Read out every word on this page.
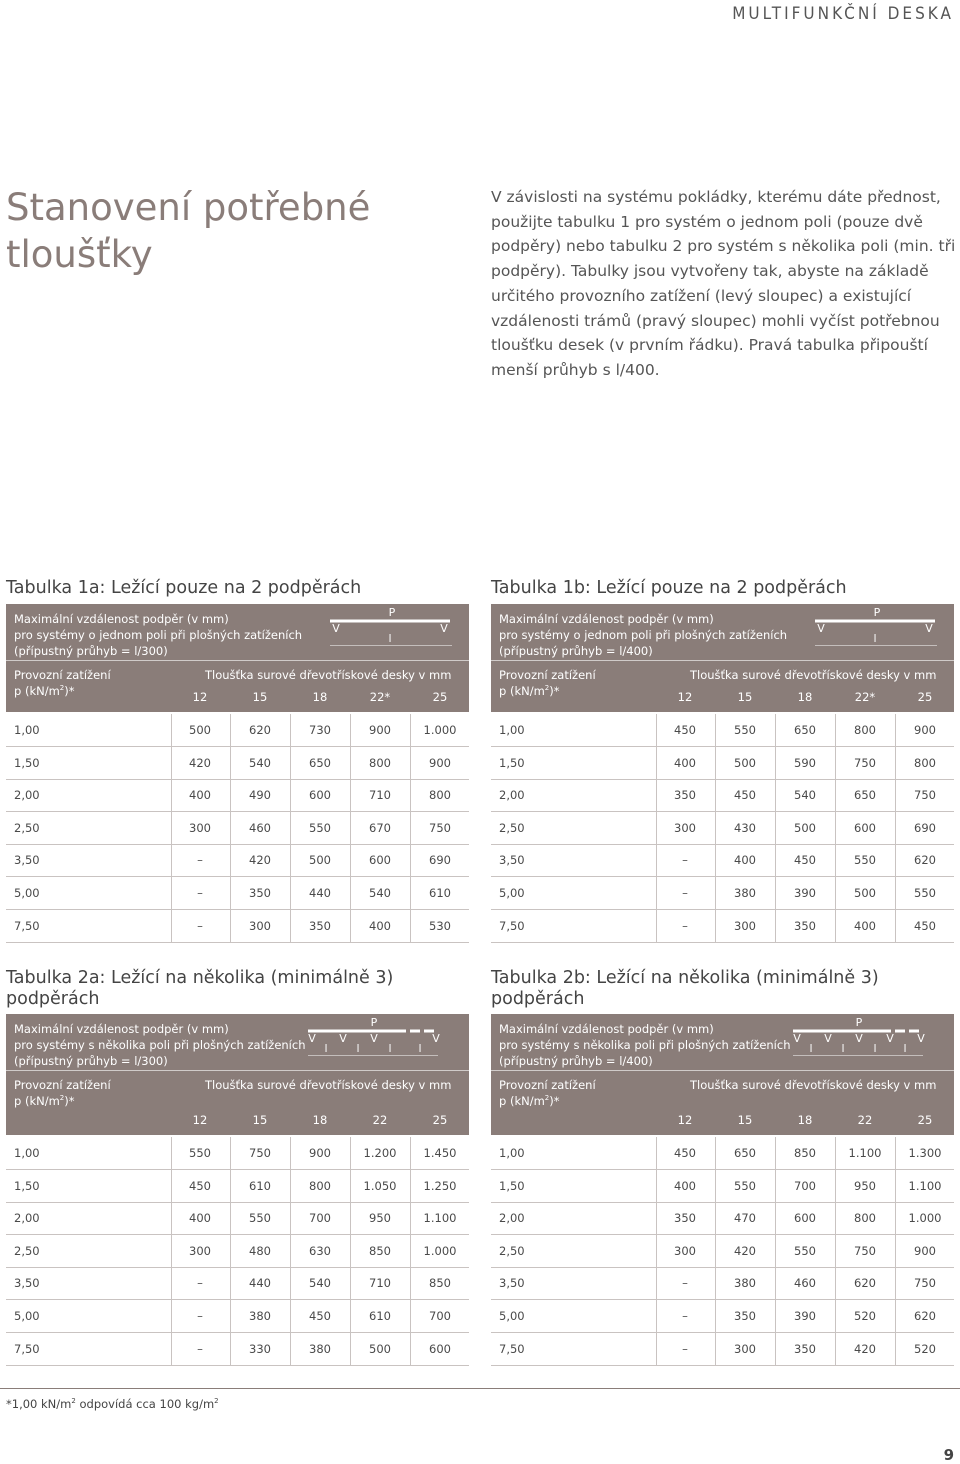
MULTIFUNKČNÍ DESKA
Stanovení potřebné tloušťky

V závislosti na systému pokládky, kterému dáte přednost, použijte tabulku 1 pro systém o jednom poli (pouze dvě podpěry) nebo tabulku 2 pro systém s několika poli (min. tři podpěry). Tabulky jsou vytvořeny tak, abyste na základě určitého provozního zatížení (levý sloupec) a existující vzdálenosti trámů (pravý sloupec) mohli vyčíst potřebnou tloušťku desek (v prvním řádku). Pravá tabulka připouští menší průhyb s l/400.

Tabulka 1a: Ležící pouze na 2 podpěrách
Maximální vzdálenost podpěr (v mm)
pro systémy o jednom poli při plošných zatíženích
(přípustný průhyb = l/300)
P
V	V
l
Provozní zatížení
p $(kN/m^2)*$
Tloušťka surové dřevotřískové desky v mm
12	15	18	22*	25
1,00	500	620	730	900	1.000
1,50	420	540	650	800	900
2,00	400	490	600	710	800
2,50	300	460	550	670	750
3,50	–	420	500	600	690
5,00	–	350	440	540	610
7,50	–	300	350	400	530
Tabulka 1b: Ležící pouze na 2 podpěrách
Maximální vzdálenost podpěr (v mm)
pro systémy o jednom poli při plošných zatíženích
(přípustný průhyb = l/400)
P
V	V
l
Provozní zatížení
p $(kN/m^2)*$
Tloušťka surové dřevotřískové desky v mm
12	15	18	22*	25
1,00	450	550	650	800	900
1,50	400	500	590	750	800
2,00	350	450	540	650	750
2,50	300	430	500	600	690
3,50	–	400	450	550	620
5,00	–	380	390	500	550
7,50	–	300	350	400	450
Tabulka 2a: Ležící na několika (minimálně 3) podpěrách
Maximální vzdálenost podpěr (v mm)
pro systémy s několika poli při plošných zatíženích
(přípustný průhyb = l/300)
P
V V V	V
l	l	l l
Provozní zatížení
p $(kN/m^2)*$
Tloušťka surové dřevotřískové desky v mm
12	15	18	22	25
1,00	550	750	900	1.200	1.450
1,50	450	610	800	1.050	1.250
2,00	400	550	700	950	1.100
2,50	300	480	630	850	1.000
3,50	–	440	540	710	850
5,00	–	380	450	610	700
7,50	–	330	380	500	600
Tabulka 2b: Ležící na několika (minimálně 3) podpěrách
Maximální vzdálenost podpěr (v mm)
pro systémy s několika poli při plošných zatíženích
(přípustný průhyb = l/400)
P
V V V V V
l	l	l l
Provozní zatížení
p $(kN/m^2)*$
Tloušťka surové dřevotřískové desky v mm
12	15	18	22	25
1,00	450	650	850	1.100	1.300
1,50	400	550	700	950	1.100
2,00	350	470	600	800	1.000
2,50	300	420	550	750	900
3,50	–	380	460	620	750
5,00	–	350	390	520	620
7,50	–	300	350	420	520
*1,00 $kN/m^2$ odpovídá cca 100 $kg/m^2$
9
